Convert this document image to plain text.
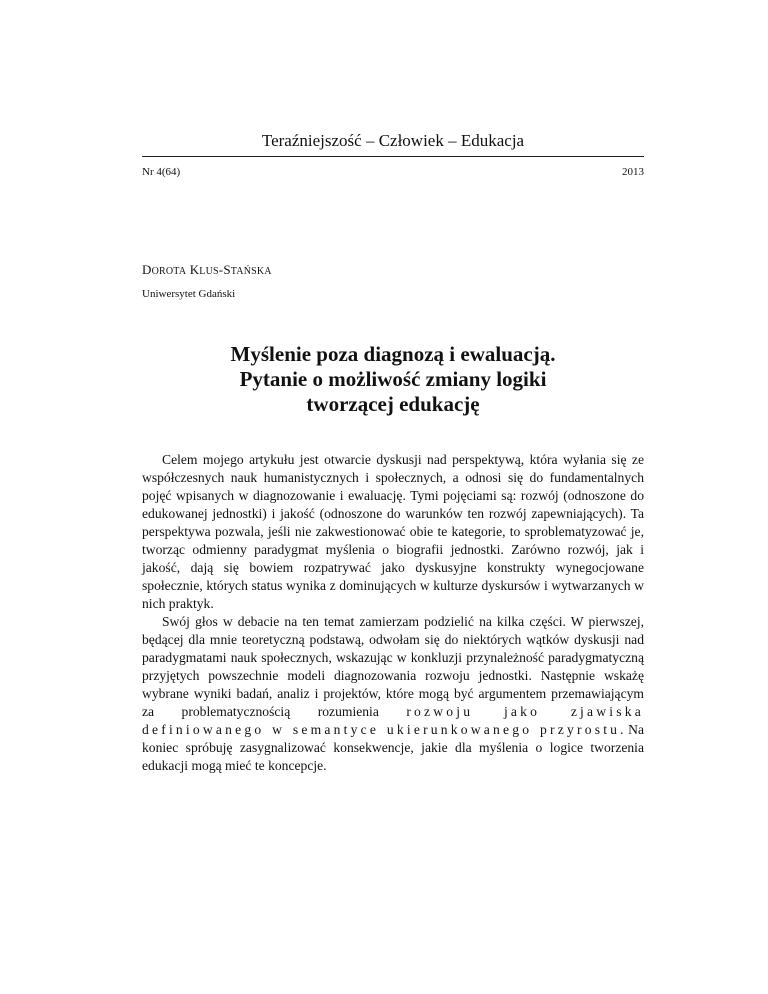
Teraźniejszość – Człowiek – Edukacja
Nr 4(64)	2013
DOROTA KLUS-STAŃSKA
Uniwersytet Gdański
Myślenie poza diagnozą i ewaluacją.
Pytanie o możliwość zmiany logiki
tworzącej edukację

Celem mojego artykułu jest otwarcie dyskusji nad perspektywą, która wyłania się ze współczesnych nauk humanistycznych i społecznych, a odnosi się do fundamentalnych pojęć wpisanych w diagnozowanie i ewaluację. Tymi pojęciami są: rozwój (odnoszone do edukowanej jednostki) i jakość (odnoszone do warunków ten rozwój zapewniających). Ta perspektywa pozwala, jeśli nie zakwestionować obie te kategorie, to sproblematyzować je, tworząc odmienny paradygmat myślenia o biografii jednostki. Zarówno rozwój, jak i jakość, dają się bowiem rozpatrywać jako dyskusyjne konstrukty wynegocjowane społecznie, których status wynika z dominujących w kulturze dyskursów i wytwarzanych w nich praktyk.

Swój głos w debacie na ten temat zamierzam podzielić na kilka części. W pierwszej, będącej dla mnie teoretyczną podstawą, odwołam się do niektórych wątków dyskusji nad paradygmatami nauk społecznych, wskazując w konkluzji przynależność paradygmatyczną przyjętych powszechnie modeli diagnozowania rozwoju jednostki. Następnie wskażę wybrane wyniki badań, analiz i projektów, które mogą być argumentem przemawiającym za problematycznością rozumienia rozwoju jako zjawiska definiowanego w semantyce ukierunkowanego przyrostu. Na koniec spróbuję zasygnalizować konsekwencje, jakie dla myślenia o logice tworzenia edukacji mogą mieć te koncepcje.
